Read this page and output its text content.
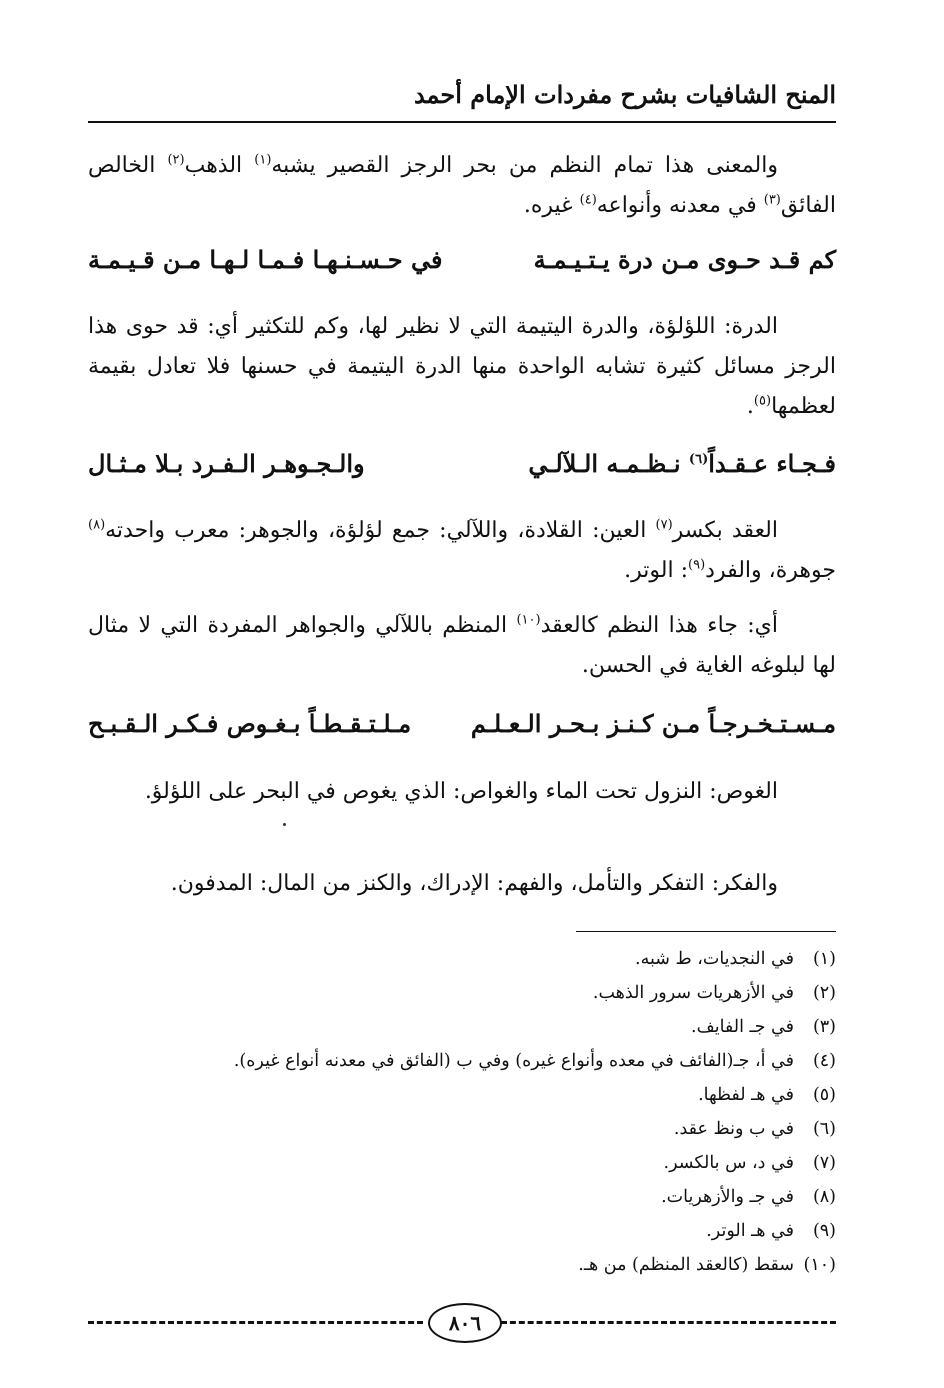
المنح الشافيات بشرح مفردات الإمام أحمد

والمعنى هذا تمام النظم من بحر الرجز القصير يشبه$^{(١)}$ الذهب$^{(٢)}$ الخالص الفائق$^{(٣)}$ في معدنه وأنواعه$^{(٤)}$ غيره.

كم قـد حـوى مـن درة يـتـيـمـة
في حـسـنـهـا فـمـا لـهـا مـن قـيـمـة

الدرة: اللؤلؤة، والدرة اليتيمة التي لا نظير لها، وكم للتكثير أي: قد حوى هذا الرجز مسائل كثيرة تشابه الواحدة منها الدرة اليتيمة في حسنها فلا تعادل بقيمة لعظمها$^{(٥)}$.

فـجـاء عـقـداً$^{(٦)}$ نـظـمـه الـلآلـي
والـجـوهـر الـفـرد بـلا مـثـال

العقد بكسر$^{(٧)}$ العين: القلادة، واللآلي: جمع لؤلؤة، والجوهر: معرب واحدته$^{(٨)}$ جوهرة، والفرد$^{(٩)}$: الوتر.

أي: جاء هذا النظم كالعقد$^{(١٠)}$ المنظم باللآلي والجواهر المفردة التي لا مثال لها لبلوغه الغاية في الحسن.

مـسـتـخـرجـاً مـن كـنـز بـحـر الـعـلـم
مـلـتـقـطـاً بـغـوص فـكـر الـقـبـح

الغوص: النزول تحت الماء والغواص: الذي يغوص في البحر على اللؤلؤ.

والفكر: التفكر والتأمل، والفهم: الإدراك، والكنز من المال: المدفون.

(١)في النجديات، ط شبه.
(٢)في الأزهريات سرور الذهب.
(٣)في جـ الفايف.
(٤)في أ، جـ(الفائف في معده وأنواع غيره) وفي ب (الفائق في معدنه أنواع غيره).
(٥)في هـ لفظها.
(٦)في ب ونظ عقد.
(٧)في د، س بالكسر.
(٨)في جـ والأزهريات.
(٩)في هـ الوتر.
(١٠)سقط (كالعقد المنظم) من هـ.
٨٠٦
